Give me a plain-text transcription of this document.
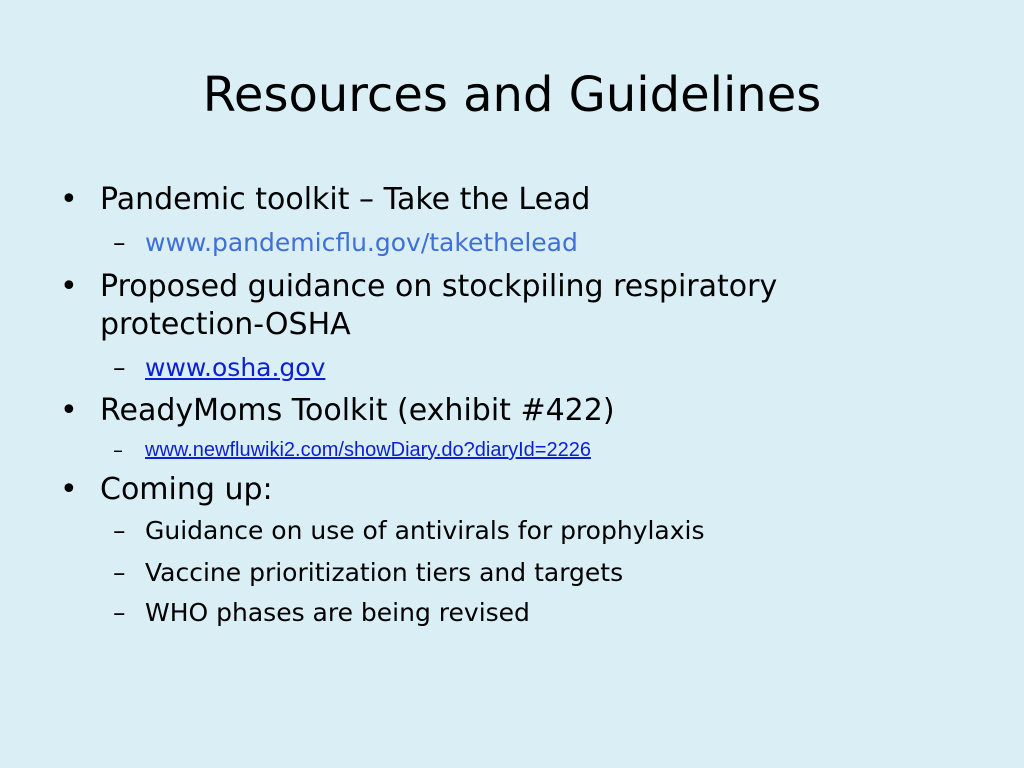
Resources and Guidelines
• Pandemic toolkit – Take the Lead
– www.pandemicflu.gov/takethelead
• Proposed guidance on stockpiling respiratory
protection-OSHA
– www.osha.gov
• ReadyMoms Toolkit (exhibit #422)
– www.newfluwiki2.com/showDiary.do?diaryId=2226
• Coming up:
– Guidance on use of antivirals for prophylaxis
– Vaccine prioritization tiers and targets
– WHO phases are being revised
